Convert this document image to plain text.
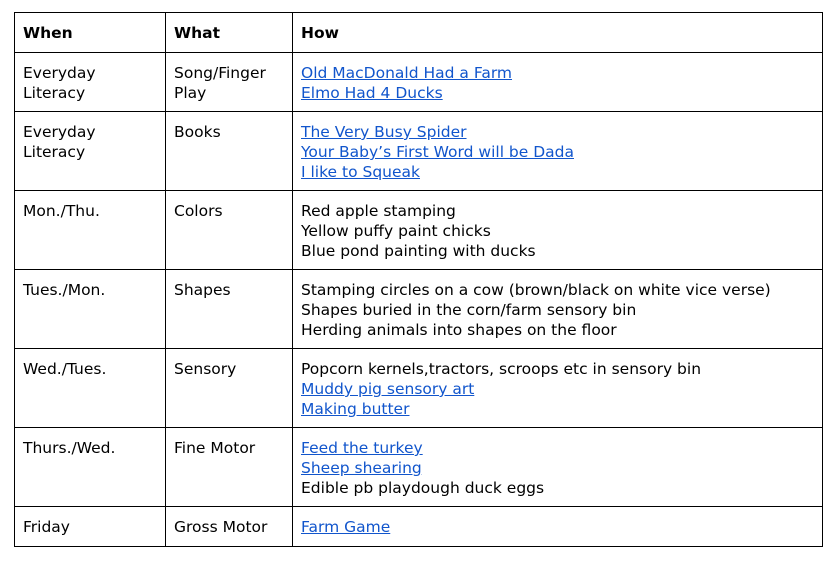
When	What	How
Everyday Literacy	Song/Finger Play	Old MacDonald Had a Farm
Elmo Had 4 Ducks

Everyday Literacy	Books	The Very Busy Spider
Your Baby’s First Word will be Dada
I like to Squeak

Mon./Thu.	Colors	Red apple stamping
Yellow puffy paint chicks
Blue pond painting with ducks

Tues./Mon.	Shapes	Stamping circles on a cow (brown/black on white vice verse)
Shapes buried in the corn/farm sensory bin
Herding animals into shapes on the floor

Wed./Tues.	Sensory	Popcorn kernels,tractors, scroops etc in sensory bin
Muddy pig sensory art
Making butter

Thurs./Wed.	Fine Motor	Feed the turkey
Sheep shearing
Edible pb playdough duck eggs

Friday	Gross Motor	Farm Game
